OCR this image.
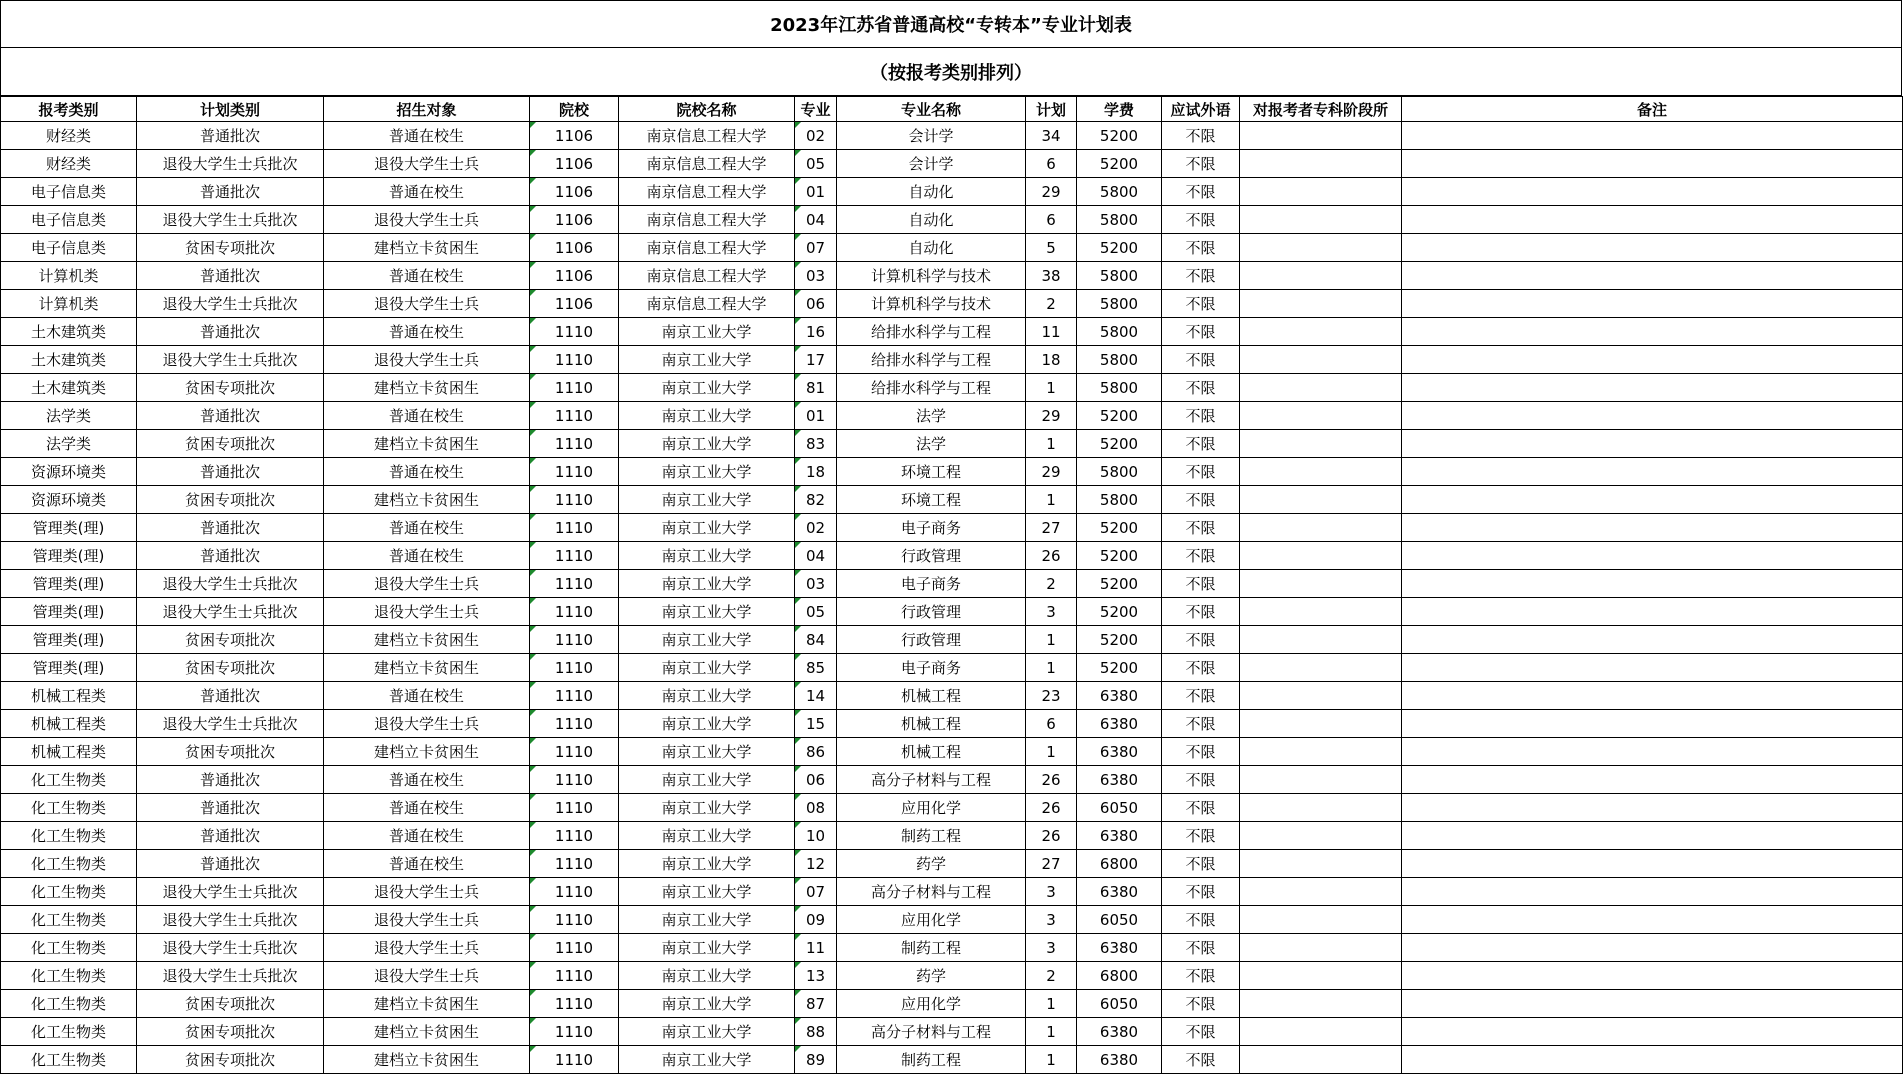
2023年江苏省普通高校“专转本”专业计划表
（按报考类别排列）
报考类别	计划类别	招生对象	院校	院校名称	专业	专业名称	计划	学费	应试外语	对报考者专科阶段所	备注
财经类	普通批次	普通在校生	1106	南京信息工程大学	02	会计学	34	5200	不限		
财经类	退役大学生士兵批次	退役大学生士兵	1106	南京信息工程大学	05	会计学	6	5200	不限		
电子信息类	普通批次	普通在校生	1106	南京信息工程大学	01	自动化	29	5800	不限		
电子信息类	退役大学生士兵批次	退役大学生士兵	1106	南京信息工程大学	04	自动化	6	5800	不限		
电子信息类	贫困专项批次	建档立卡贫困生	1106	南京信息工程大学	07	自动化	5	5200	不限		
计算机类	普通批次	普通在校生	1106	南京信息工程大学	03	计算机科学与技术	38	5800	不限		
计算机类	退役大学生士兵批次	退役大学生士兵	1106	南京信息工程大学	06	计算机科学与技术	2	5800	不限		
土木建筑类	普通批次	普通在校生	1110	南京工业大学	16	给排水科学与工程	11	5800	不限		
土木建筑类	退役大学生士兵批次	退役大学生士兵	1110	南京工业大学	17	给排水科学与工程	18	5800	不限		
土木建筑类	贫困专项批次	建档立卡贫困生	1110	南京工业大学	81	给排水科学与工程	1	5800	不限		
法学类	普通批次	普通在校生	1110	南京工业大学	01	法学	29	5200	不限		
法学类	贫困专项批次	建档立卡贫困生	1110	南京工业大学	83	法学	1	5200	不限		
资源环境类	普通批次	普通在校生	1110	南京工业大学	18	环境工程	29	5800	不限		
资源环境类	贫困专项批次	建档立卡贫困生	1110	南京工业大学	82	环境工程	1	5800	不限		
管理类(理)	普通批次	普通在校生	1110	南京工业大学	02	电子商务	27	5200	不限		
管理类(理)	普通批次	普通在校生	1110	南京工业大学	04	行政管理	26	5200	不限		
管理类(理)	退役大学生士兵批次	退役大学生士兵	1110	南京工业大学	03	电子商务	2	5200	不限		
管理类(理)	退役大学生士兵批次	退役大学生士兵	1110	南京工业大学	05	行政管理	3	5200	不限		
管理类(理)	贫困专项批次	建档立卡贫困生	1110	南京工业大学	84	行政管理	1	5200	不限		
管理类(理)	贫困专项批次	建档立卡贫困生	1110	南京工业大学	85	电子商务	1	5200	不限		
机械工程类	普通批次	普通在校生	1110	南京工业大学	14	机械工程	23	6380	不限		
机械工程类	退役大学生士兵批次	退役大学生士兵	1110	南京工业大学	15	机械工程	6	6380	不限		
机械工程类	贫困专项批次	建档立卡贫困生	1110	南京工业大学	86	机械工程	1	6380	不限		
化工生物类	普通批次	普通在校生	1110	南京工业大学	06	高分子材料与工程	26	6380	不限		
化工生物类	普通批次	普通在校生	1110	南京工业大学	08	应用化学	26	6050	不限		
化工生物类	普通批次	普通在校生	1110	南京工业大学	10	制药工程	26	6380	不限		
化工生物类	普通批次	普通在校生	1110	南京工业大学	12	药学	27	6800	不限		
化工生物类	退役大学生士兵批次	退役大学生士兵	1110	南京工业大学	07	高分子材料与工程	3	6380	不限		
化工生物类	退役大学生士兵批次	退役大学生士兵	1110	南京工业大学	09	应用化学	3	6050	不限		
化工生物类	退役大学生士兵批次	退役大学生士兵	1110	南京工业大学	11	制药工程	3	6380	不限		
化工生物类	退役大学生士兵批次	退役大学生士兵	1110	南京工业大学	13	药学	2	6800	不限		
化工生物类	贫困专项批次	建档立卡贫困生	1110	南京工业大学	87	应用化学	1	6050	不限		
化工生物类	贫困专项批次	建档立卡贫困生	1110	南京工业大学	88	高分子材料与工程	1	6380	不限		
化工生物类	贫困专项批次	建档立卡贫困生	1110	南京工业大学	89	制药工程	1	6380	不限		
